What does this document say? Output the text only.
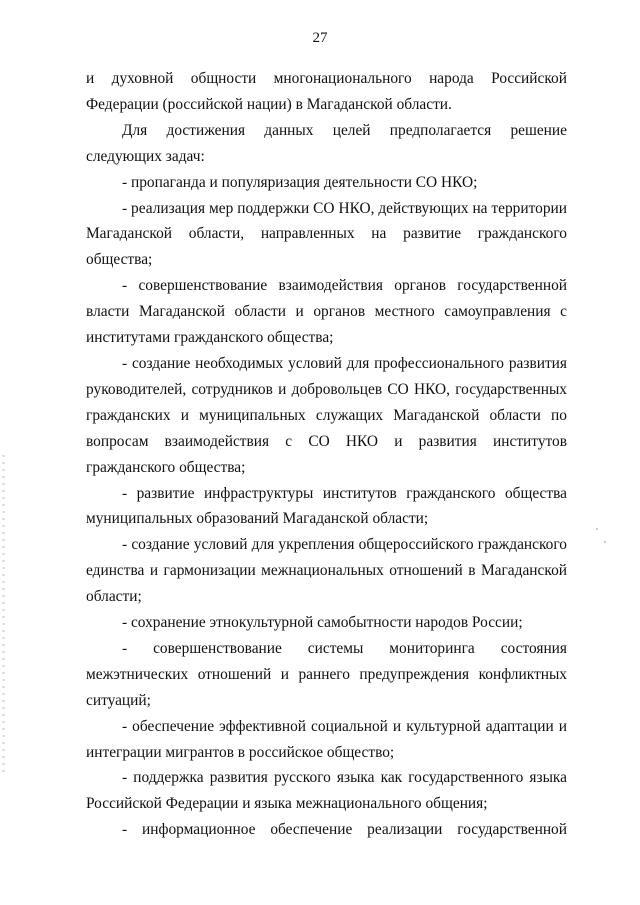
27

и духовной общности многонационального народа Российской Федерации (российской нации) в Магаданской области.

Для достижения данных целей предполагается решение следующих задач:

- пропаганда и популяризация деятельности СО НКО;

- реализация мер поддержки СО НКО, действующих на территории Магаданской области, направленных на развитие гражданского общества;

- совершенствование взаимодействия органов государственной власти Магаданской области и органов местного самоуправления с институтами гражданского общества;

- создание необходимых условий для профессионального развития руководителей, сотрудников и добровольцев СО НКО, государственных гражданских и муниципальных служащих Магаданской области по вопросам взаимодействия с СО НКО и развития институтов гражданского общества;

- развитие инфраструктуры институтов гражданского общества муниципальных образований Магаданской области;

- создание условий для укрепления общероссийского гражданского единства и гармонизации межнациональных отношений в Магаданской области;

- сохранение этнокультурной самобытности народов России;

- совершенствование системы мониторинга состояния межэтнических отношений и раннего предупреждения конфликтных ситуаций;

- обеспечение эффективной социальной и культурной адаптации и интеграции мигрантов в российское общество;

- поддержка развития русского языка как государственного языка Российской Федерации и языка межнационального общения;

- информационное обеспечение реализации государственной
